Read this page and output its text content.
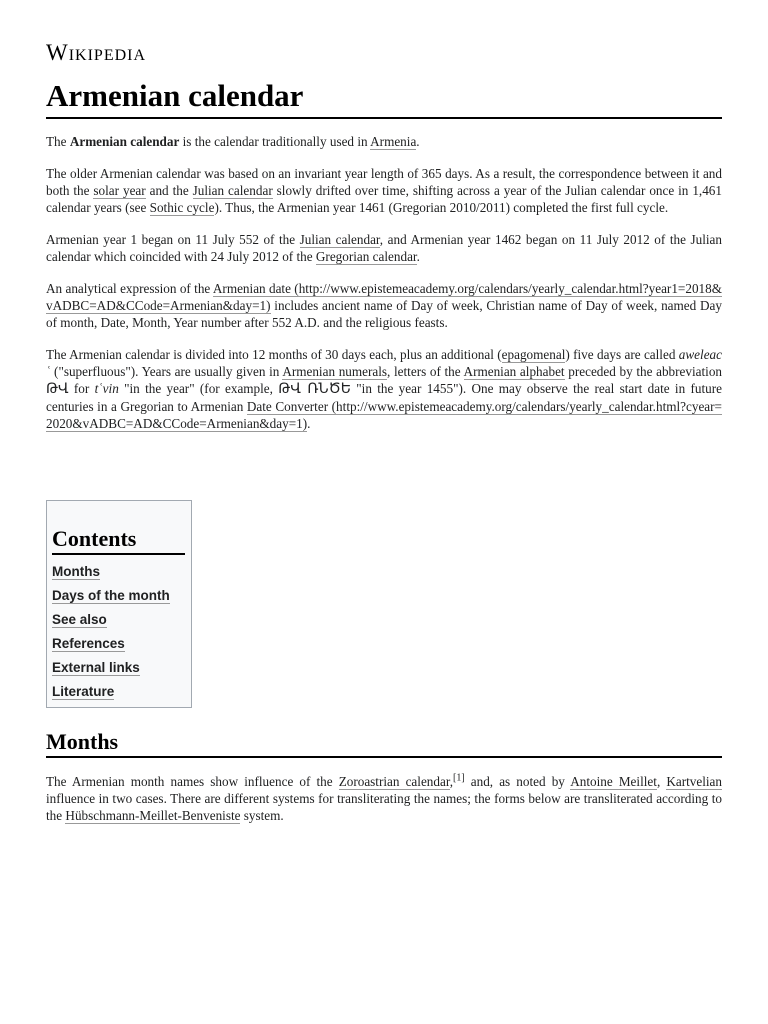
Wikipedia
Armenian calendar

The Armenian calendar is the calendar traditionally used in Armenia.

The older Armenian calendar was based on an invariant year length of 365 days. As a result, the correspondence between it and both the solar year and the Julian calendar slowly drifted over time, shifting across a year of the Julian calendar once in 1,461 calendar years (see Sothic cycle). Thus, the Armenian year 1461 (Gregorian 2010/2011) completed the first full cycle.

Armenian year 1 began on 11 July 552 of the Julian calendar, and Armenian year 1462 began on 11 July 2012 of the Julian calendar which coincided with 24 July 2012 of the Gregorian calendar.

An analytical expression of the Armenian date (http://www.epistemeacademy.org/calendars/yearly_calendar.html?year1=2018&vADBC=AD&CCode=Armenian&day=1) includes ancient name of Day of week, Christian name of Day of week, named Day of month, Date, Month, Year number after 552 A.D. and the religious feasts.

The Armenian calendar is divided into 12 months of 30 days each, plus an additional (epagomenal) five days are called aweleacʿ ("superfluous"). Years are usually given in Armenian numerals, letters of the Armenian alphabet preceded by the abbreviation ԹՎ for tʿvin "in the year" (for example, ԹՎ ՌՆԾԵ "in the year 1455"). One may observe the real start date in future centuries in a Gregorian to Armenian Date Converter (http://www.epistemeacademy.org/calendars/yearly_calendar.html?cyear=2020&vADBC=AD&CCode=Armenian&day=1).

Contents
Months
Days of the month
See also
References
External links
Literature
Months

The Armenian month names show influence of the Zoroastrian calendar,[1] and, as noted by Antoine Meillet, Kartvelian influence in two cases. There are different systems for transliterating the names; the forms below are transliterated according to the Hübschmann-Meillet-Benveniste system.
